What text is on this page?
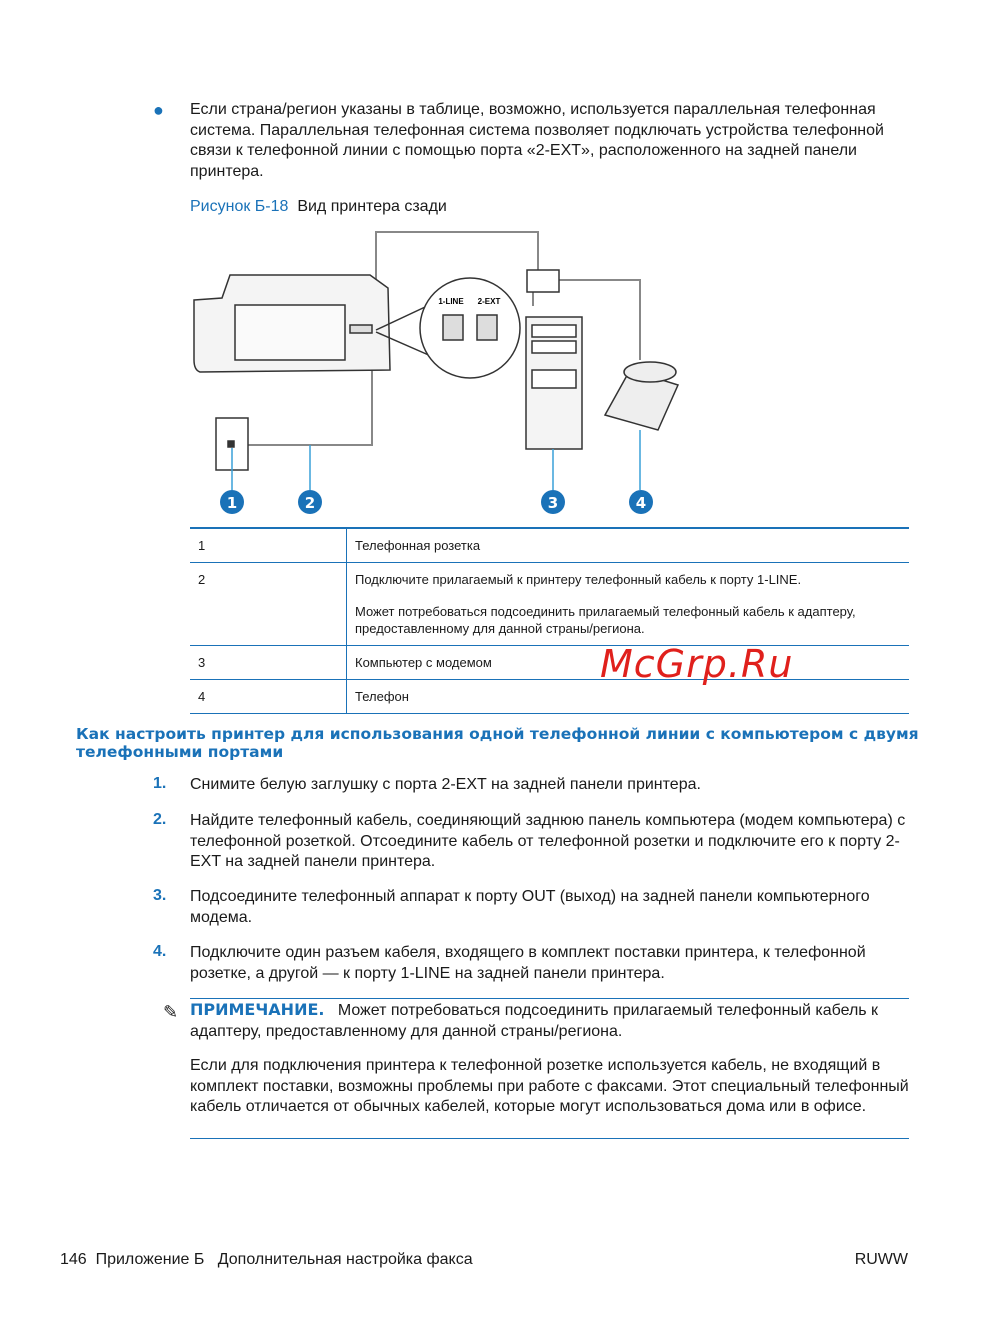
● Если страна/регион указаны в таблице, возможно, используется параллельная телефонная система. Параллельная телефонная система позволяет подключать устройства телефонной связи к телефонной линии с помощью порта «2-EXT», расположенного на задней панели принтера.
Рисунок Б-18 Вид принтера сзади
1-LINE 2-EXT
1	2	3	4
1	Телефонная розетка
2	Подключите прилагаемый к принтеру телефонный кабель к порту 1-LINE.
Может потребоваться подсоединить прилагаемый телефонный кабель к адаптеру, предоставленному для данной страны/региона.

3	Компьютер с модемом
4	Телефон
McGrp.Ru
Как настроить принтер для использования одной телефонной линии с компьютером с двумя телефонными портами
1. Снимите белую заглушку с порта 2-EXT на задней панели принтера.
2. Найдите телефонный кабель, соединяющий заднюю панель компьютера (модем компьютера) с телефонной розеткой. Отсоедините кабель от телефонной розетки и подключите его к порту 2-EXT на задней панели принтера.
3. Подсоедините телефонный аппарат к порту OUT (выход) на задней панели компьютерного модема.
4. Подключите один разъем кабеля, входящего в комплект поставки принтера, к телефонной розетке, а другой — к порту 1-LINE на задней панели принтера.
✎ ПРИМЕЧАНИЕ. Может потребоваться подсоединить прилагаемый телефонный кабель к адаптеру, предоставленному для данной страны/региона.
Если для подключения принтера к телефонной розетке используется кабель, не входящий в комплект поставки, возможны проблемы при работе с факсами. Этот специальный телефонный кабель отличается от обычных кабелей, которые могут использоваться дома или в офисе.
146 Приложение Б Дополнительная настройка факса	RUWW
